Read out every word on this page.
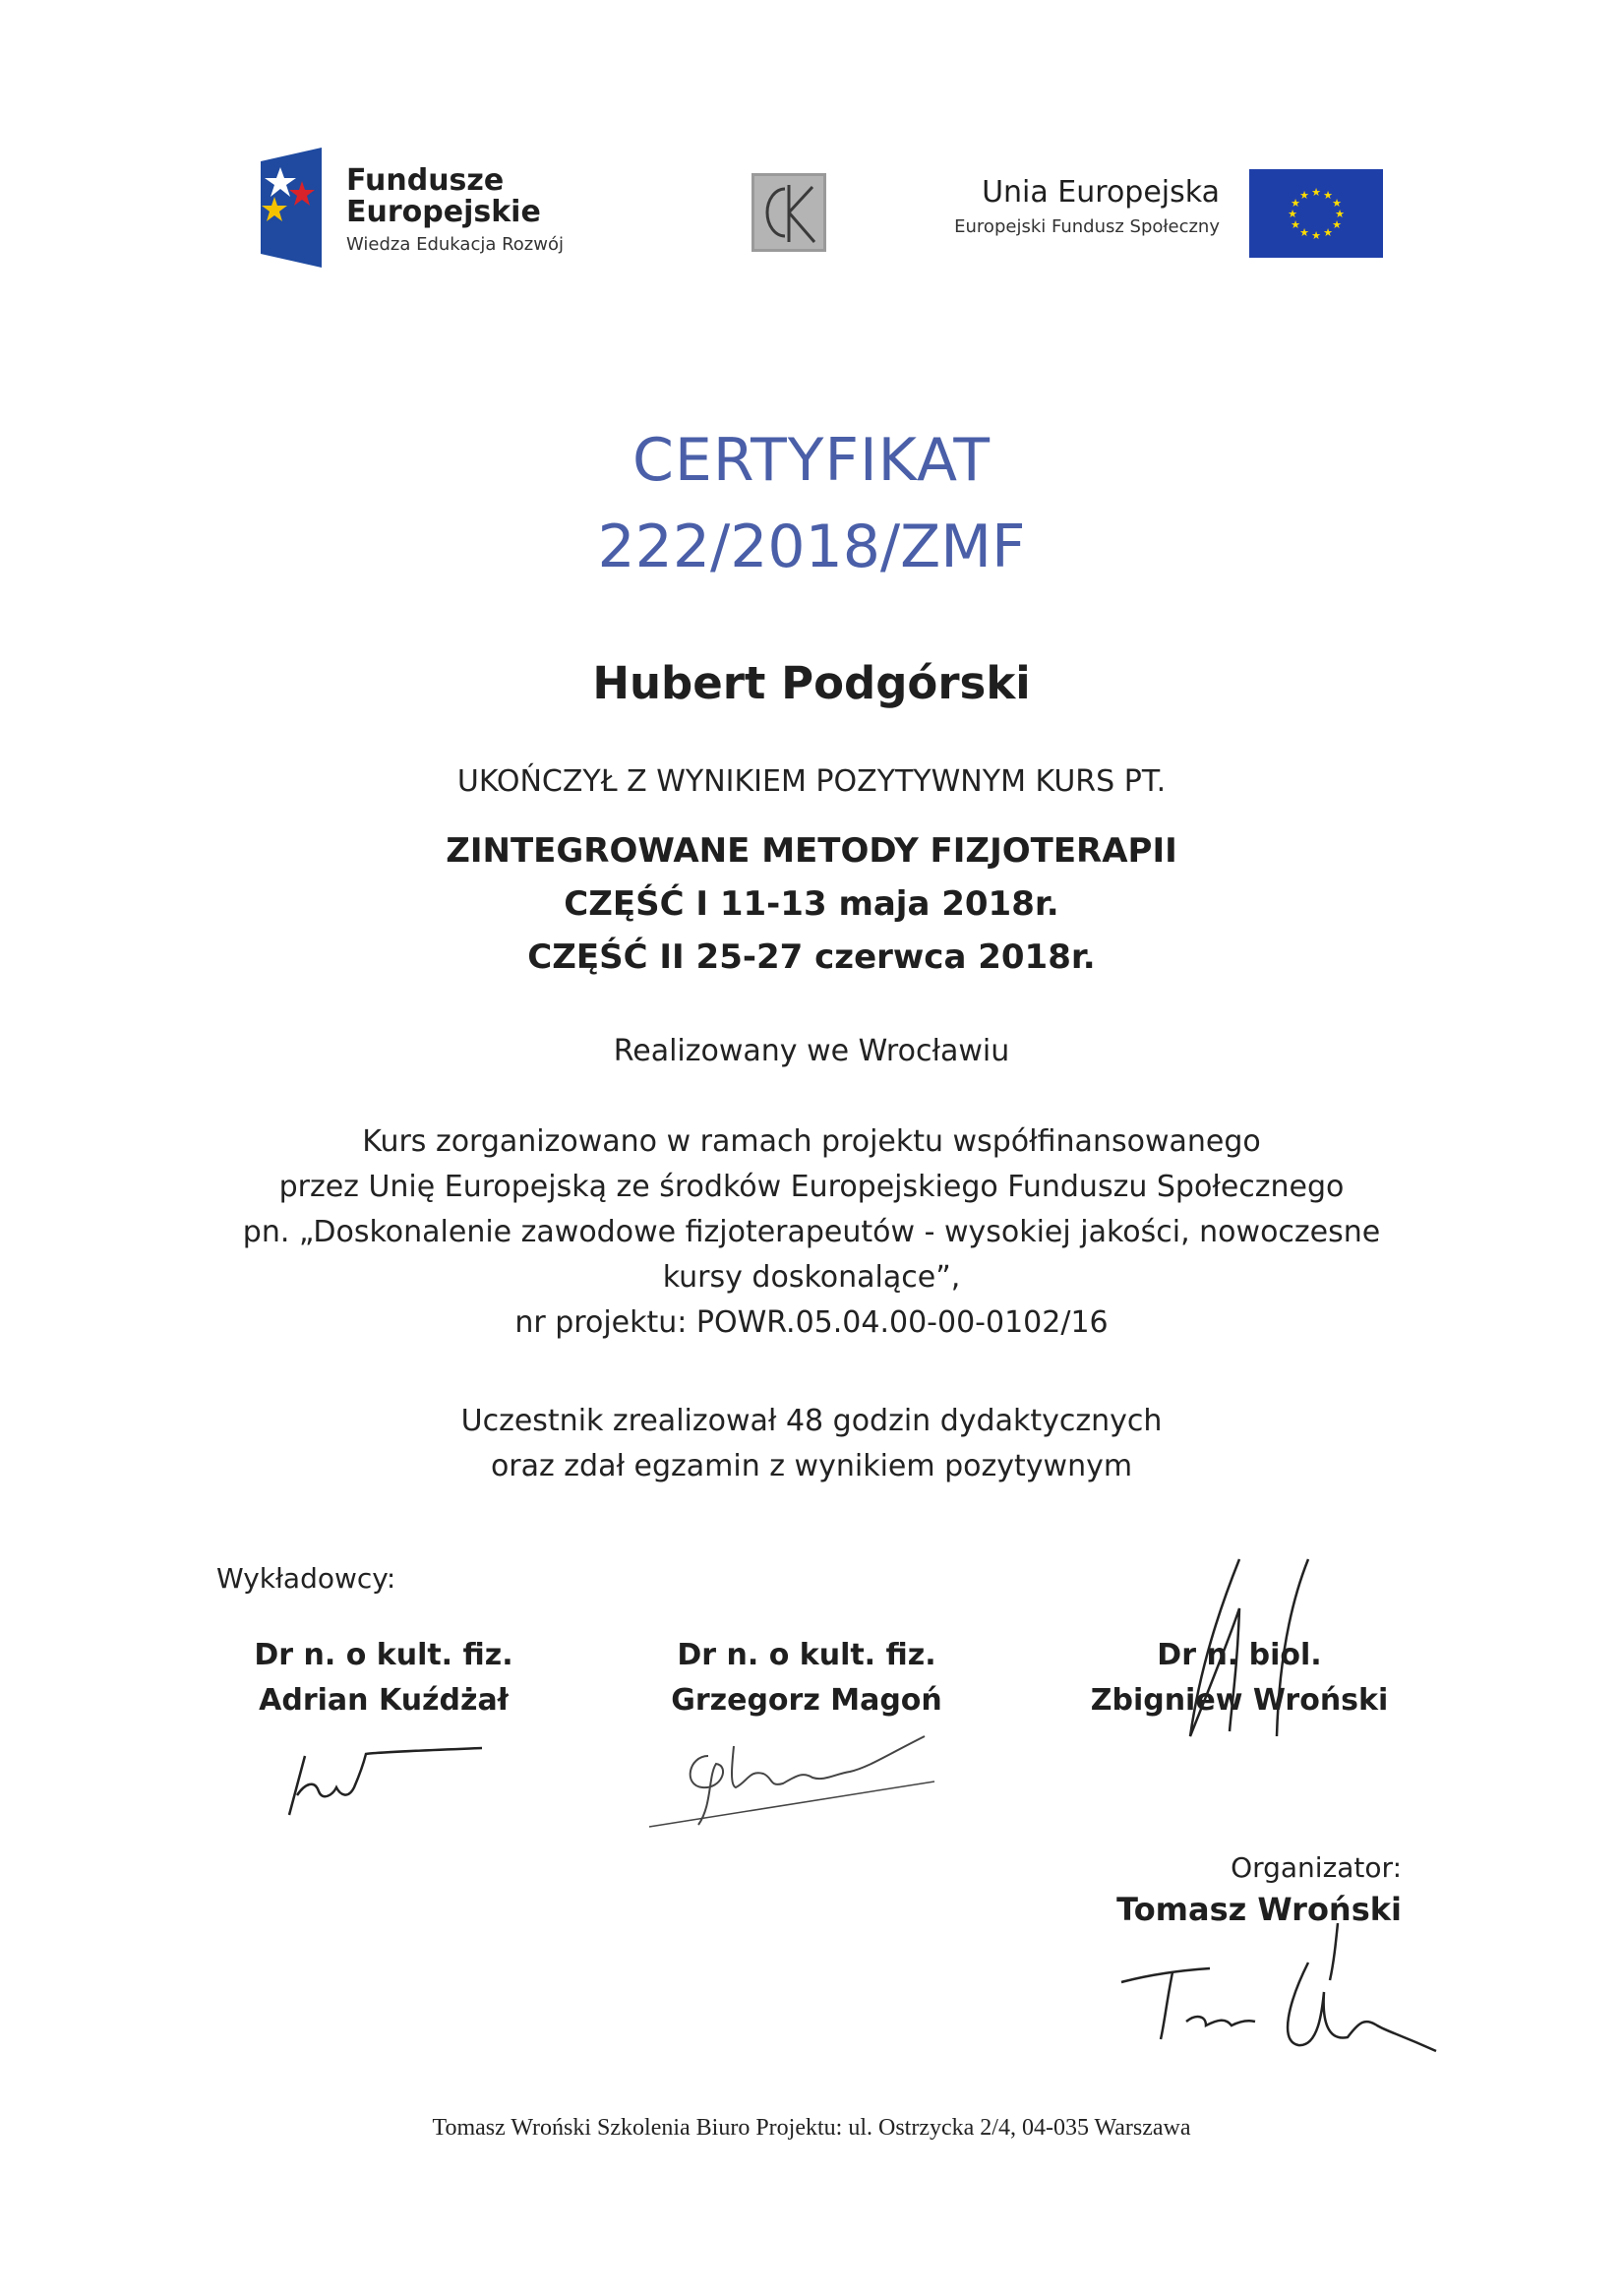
Fundusze
Europejskie
Wiedza Edukacja Rozwój
Unia Europejska
Europejski Fundusz Społeczny
★ ★
★
★
★
★
★
★
★
★
★
★
CERTYFIKAT
222/2018/ZMF
Hubert Podgórski
UKOŃCZYŁ Z WYNIKIEM POZYTYWNYM KURS PT.
ZINTEGROWANE METODY FIZJOTERAPII
CZĘŚĆ I 11-13 maja 2018r.
CZĘŚĆ II 25-27 czerwca 2018r.
Realizowany we Wrocławiu
Kurs zorganizowano w ramach projektu współfinansowanego
przez Unię Europejską ze środków Europejskiego Funduszu Społecznego
pn. „Doskonalenie zawodowe fizjoterapeutów - wysokiej jakości, nowoczesne
kursy doskonalące”,
nr projektu: POWR.05.04.00-00-0102/16
Uczestnik zrealizował 48 godzin dydaktycznych
oraz zdał egzamin z wynikiem pozytywnym
Wykładowcy:
Dr n. o kult. fiz.
Adrian Kuźdżał
Dr n. o kult. fiz.
Grzegorz Magoń
Dr n. biol.
Zbigniew Wroński
Organizator:
Tomasz Wroński
Tomasz Wroński Szkolenia Biuro Projektu: ul. Ostrzycka 2/4, 04-035 Warszawa
